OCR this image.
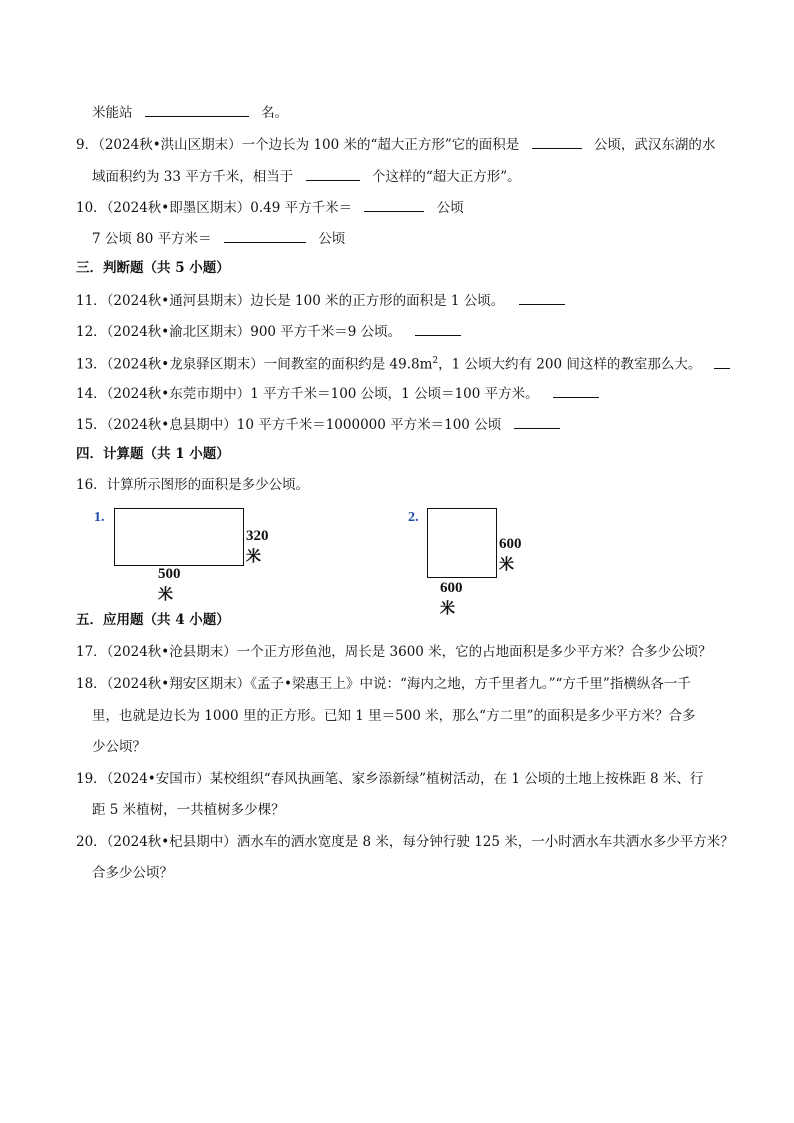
米能站	名。
9．（2024秋•洪山区期末）一个边长为 100 米的“超大正方形”它的面积是	公顷，武汉东湖的水
域面积约为 33 平方千米，相当于	个这样的“超大正方形”。
10．（2024秋•即墨区期末）0.49 平方千米＝	公顷
7 公顷 80 平方米＝	公顷
三．判断题（共 5 小题）
11．（2024秋•通河县期末）边长是 100 米的正方形的面积是 1 公顷。
12．（2024秋•渝北区期末）900 平方千米＝9 公顷。
13．（2024秋•龙泉驿区期末）一间教室的面积约是 $49.8m^2$，1 公顷大约有 200 间这样的教室那么大。
14．（2024秋•东莞市期中）1 平方千米＝100 公顷，1 公顷＝100 平方米。
15．（2024秋•息县期中）10 平方千米＝1000000 平方米＝100 公顷
四．计算题（共 1 小题）
16．计算所示图形的面积是多少公顷。
1.
320米
500米
2.
600米
600米
五．应用题（共 4 小题）
17．（2024秋•沧县期末）一个正方形鱼池，周长是 3600 米，它的占地面积是多少平方米？合多少公顷？
18．（2024秋•翔安区期末）《孟子•梁惠王上》中说：“海内之地，方千里者九。”“方千里”指横纵各一千
里，也就是边长为 1000 里的正方形。已知 1 里＝500 米，那么“方二里”的面积是多少平方米？合多
少公顷？
19．（2024•安国市）某校组织“春风执画笔、家乡添新绿”植树活动，在 1 公顷的土地上按株距 8 米、行
距 5 米植树，一共植树多少棵？
20．（2024秋•杞县期中）洒水车的洒水宽度是 8 米，每分钟行驶 125 米，一小时洒水车共洒水多少平方米？
合多少公顷？
